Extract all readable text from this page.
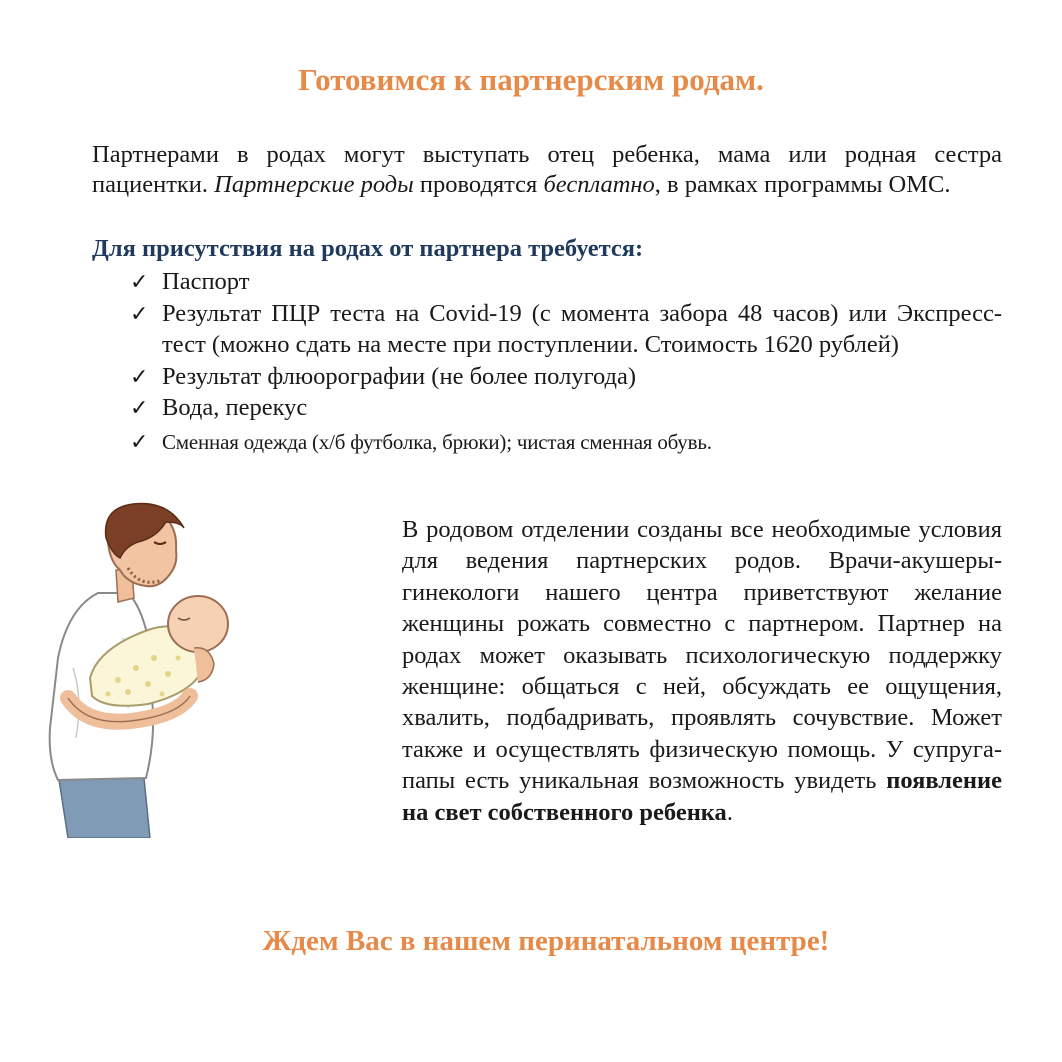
Готовимся к партнерским родам.

Партнерами в родах могут выступать отец ребенка, мама или родная сестра пациентки. Партнерские роды проводятся бесплатно, в рамках программы ОМС.

Для присутствия на родах от партнера требуется:
✓ Паспорт
✓ Результат ПЦР теста на Covid-19 (с момента забора 48 часов) или Экспресс-тест (можно сдать на месте при поступлении. Стоимость 1620 рублей)
✓ Результат флюорографии (не более полугода)
✓ Вода, перекус
✓ Сменная одежда (х/б футболка, брюки); чистая сменная обувь.

В родовом отделении созданы все необходимые условия для ведения партнерских родов. Врачи-акушеры-гинекологи нашего центра приветствуют желание женщины рожать совместно с партнером. Партнер на родах может оказывать психологическую поддержку женщине: общаться с ней, обсуждать ее ощущения, хвалить, подбадривать, проявлять сочувствие. Может также и осуществлять физическую помощь. У супруга-папы есть уникальная возможность увидеть появление на свет собственного ребенка.

Ждем Вас в нашем перинатальном центре!
